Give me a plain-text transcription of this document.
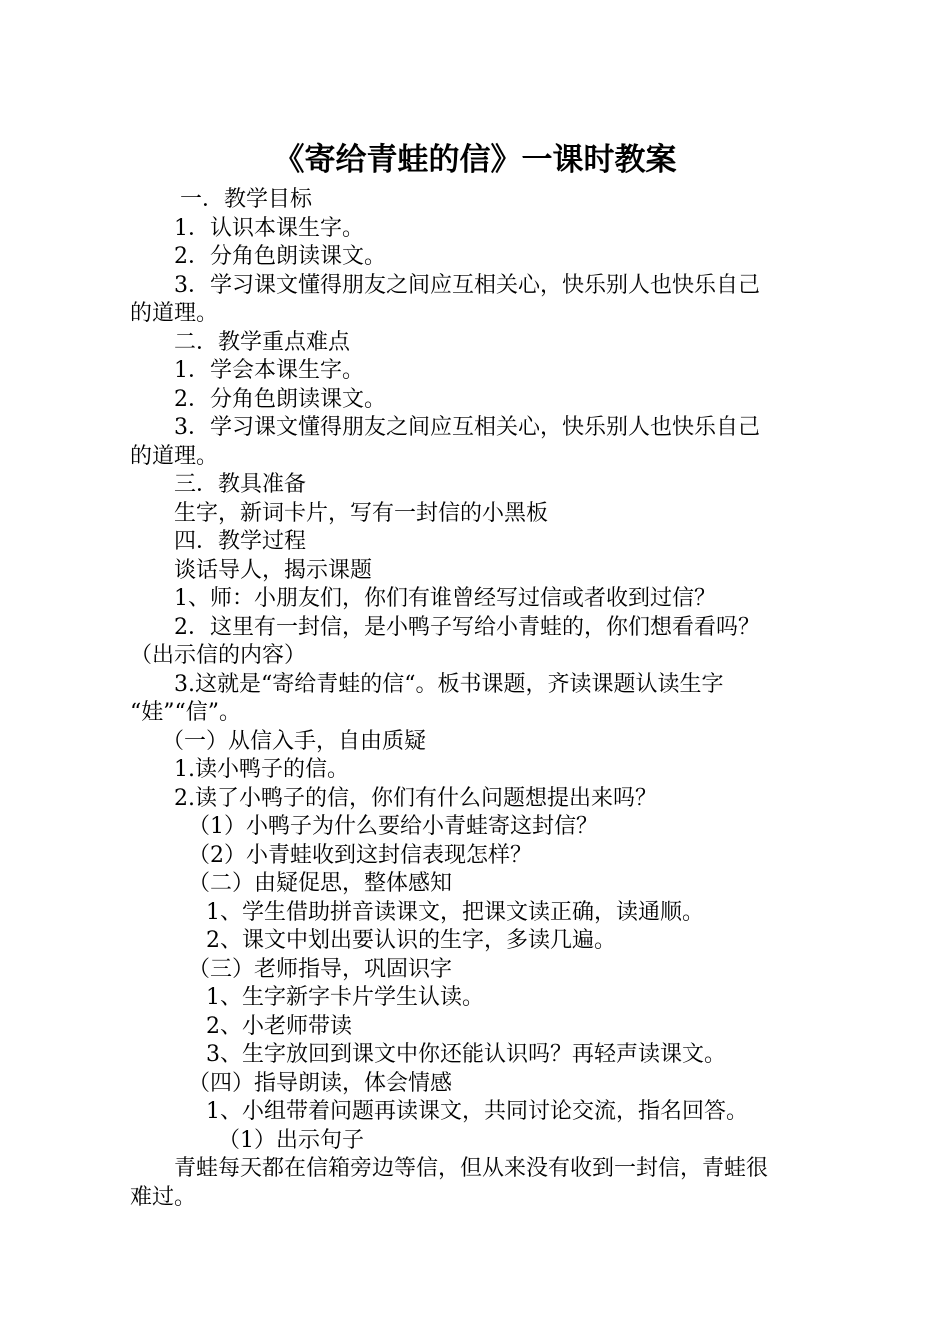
《寄给青蛙的信》一课时教案
一．教学目标
1．认识本课生字。
2．分角色朗读课文。
3．学习课文懂得朋友之间应互相关心，快乐别人也快乐自己
的道理。
二．教学重点难点
1．学会本课生字。
2．分角色朗读课文。
3．学习课文懂得朋友之间应互相关心，快乐别人也快乐自己
的道理。
三．教具准备
生字，新词卡片，写有一封信的小黑板
四．教学过程
谈话导人，揭示课题
1、师：小朋友们，你们有谁曾经写过信或者收到过信？
2．这里有一封信，是小鸭子写给小青蛙的，你们想看看吗？
（出示信的内容）
3.这就是“寄给青蛙的信“。板书课题，齐读课题认读生字
“娃”“信”。
（一）从信入手，自由质疑
1.读小鸭子的信。
2.读了小鸭子的信，你们有什么问题想提出来吗？
（1）小鸭子为什么要给小青蛙寄这封信？
（2）小青蛙收到这封信表现怎样？
（二）由疑促思，整体感知
1、学生借助拼音读课文，把课文读正确，读通顺。
2、课文中划出要认识的生字，多读几遍。
（三）老师指导，巩固识字
1、生字新字卡片学生认读。
2、小老师带读
3、生字放回到课文中你还能认识吗？再轻声读课文。
（四）指导朗读，体会情感
1、小组带着问题再读课文，共同讨论交流，指名回答。
（1）出示句子
青蛙每天都在信箱旁边等信，但从来没有收到一封信，青蛙很
难过。
